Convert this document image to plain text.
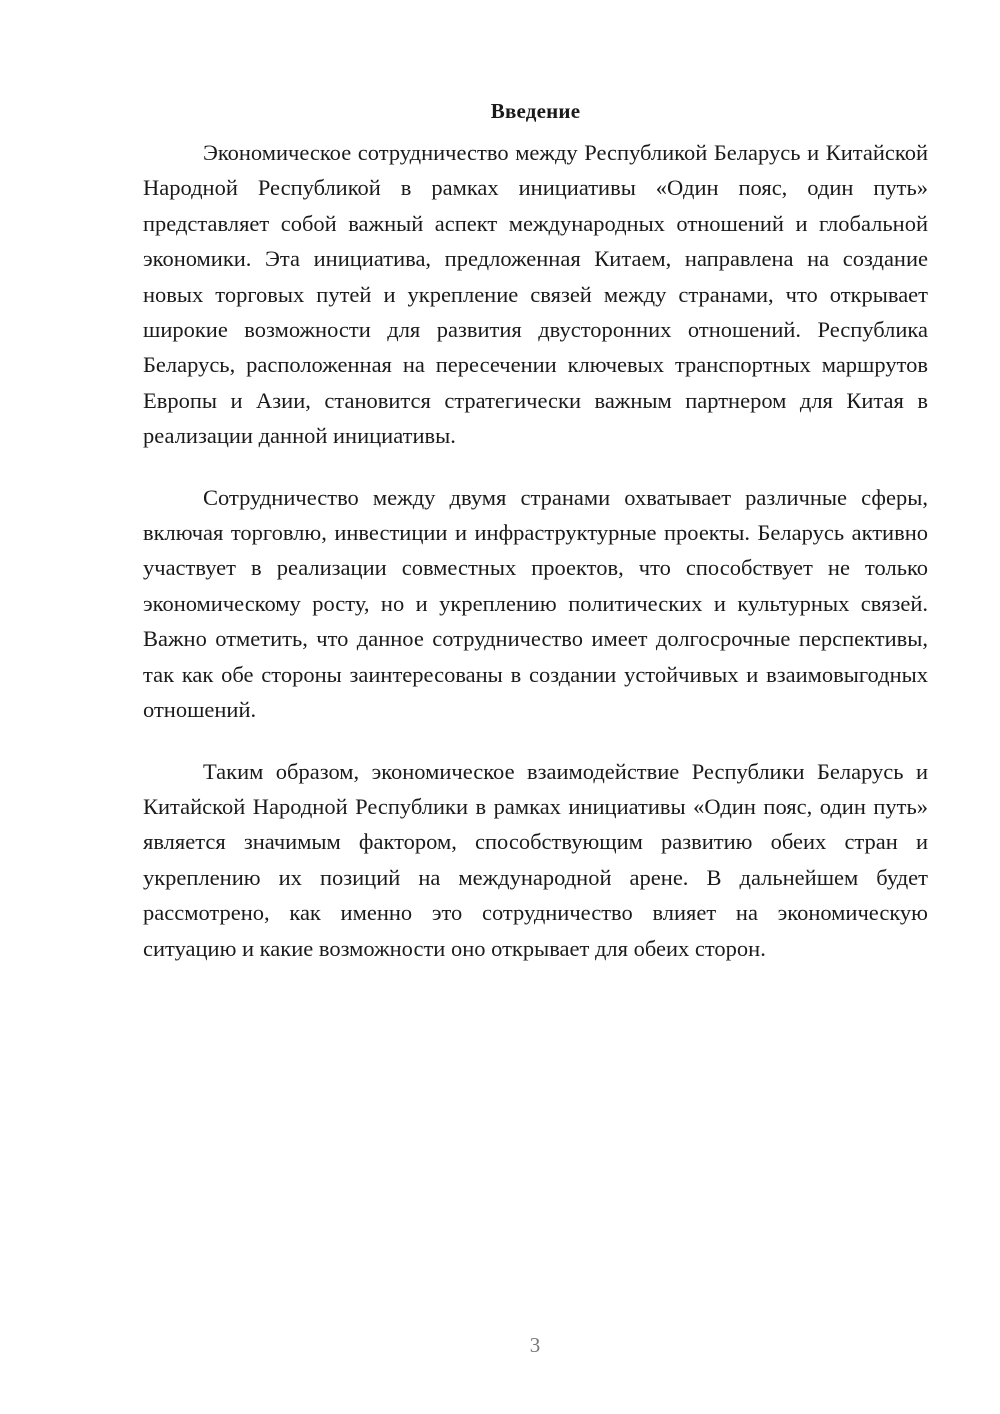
Введение

Экономическое сотрудничество между Республикой Беларусь и Китайской Народной Республикой в рамках инициативы «Один пояс, один путь» представляет собой важный аспект международных отношений и глобальной экономики. Эта инициатива, предложенная Китаем, направлена на создание новых торговых путей и укрепление связей между странами, что открывает широкие возможности для развития двусторонних отношений. Республика Беларусь, расположенная на пересечении ключевых транспортных маршрутов Европы и Азии, становится стратегически важным партнером для Китая в реализации данной инициативы.

Сотрудничество между двумя странами охватывает различные сферы, включая торговлю, инвестиции и инфраструктурные проекты. Беларусь активно участвует в реализации совместных проектов, что способствует не только экономическому росту, но и укреплению политических и культурных связей. Важно отметить, что данное сотрудничество имеет долгосрочные перспективы, так как обе стороны заинтересованы в создании устойчивых и взаимовыгодных отношений.

Таким образом, экономическое взаимодействие Республики Беларусь и Китайской Народной Республики в рамках инициативы «Один пояс, один путь» является значимым фактором, способствующим развитию обеих стран и укреплению их позиций на международной арене. В дальнейшем будет рассмотрено, как именно это сотрудничество влияет на экономическую ситуацию и какие возможности оно открывает для обеих сторон.

3
